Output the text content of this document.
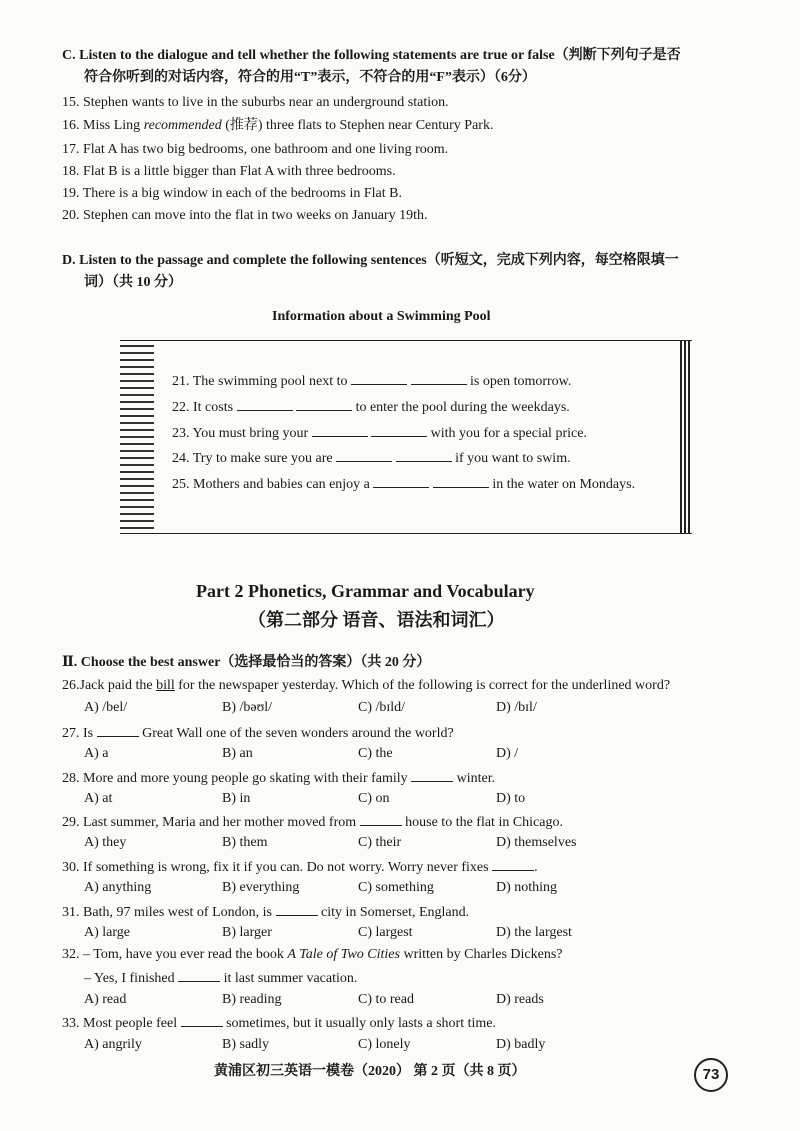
C. Listen to the dialogue and tell whether the following statements are true or false（判断下列句子是否
符合你听到的对话内容，符合的用“T”表示，不符合的用“F”表示）（6分）
15. Stephen wants to live in the suburbs near an underground station.
16. Miss Ling recommended (推荐) three flats to Stephen near Century Park.
17. Flat A has two big bedrooms, one bathroom and one living room.
18. Flat B is a little bigger than Flat A with three bedrooms.
19. There is a big window in each of the bedrooms in Flat B.
20. Stephen can move into the flat in two weeks on January 19th.
D. Listen to the passage and complete the following sentences（听短文，完成下列内容，每空格限填一
词）（共 10 分）
Information about a Swimming Pool
21. The swimming pool next to	is open tomorrow.
22. It costs	to enter the pool during the weekdays.
23. You must bring your	with you for a special price.
24. Try to make sure you are	if you want to swim.
25. Mothers and babies can enjoy a	in the water on Mondays.
Part 2 Phonetics, Grammar and Vocabulary
（第二部分 语音、语法和词汇）
Ⅱ. Choose the best answer（选择最恰当的答案）（共 20 分）
26.Jack paid the bill for the newspaper yesterday. Which of the following is correct for the underlined word?
A) /bel/	B) /bəʊl/	C) /bɪld/	D) /bɪl/
27. Is	Great Wall one of the seven wonders around the world?
A) a	B) an	C) the	D) /
28. More and more young people go skating with their family	winter.
A) at	B) in	C) on	D) to
29. Last summer, Maria and her mother moved from	house to the flat in Chicago.
A) they	B) them	C) their	D) themselves
30. If something is wrong, fix it if you can. Do not worry. Worry never fixes	.
A) anything	B) everything	C) something	D) nothing
31. Bath, 97 miles west of London, is	city in Somerset, England.
A) large	B) larger	C) largest	D) the largest
32. – Tom, have you ever read the book A Tale of Two Cities written by Charles Dickens?
– Yes, I finished	it last summer vacation.
A) read	B) reading	C) to read	D) reads
33. Most people feel	sometimes, but it usually only lasts a short time.
A) angrily	B) sadly	C) lonely	D) badly
黄浦区初三英语一模卷（2020） 第 2 页（共 8 页）	73
